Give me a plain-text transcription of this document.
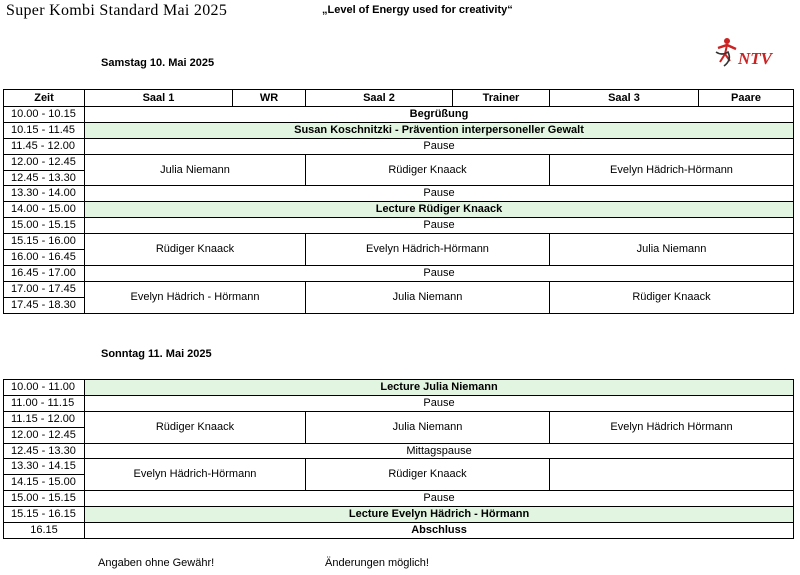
Super Kombi Standard Mai 2025	„Level of Energy used for creativity“
NTV
Samstag 10. Mai 2025
Zeit	Saal 1	WR	Saal 2	Trainer	Saal 3	Paare
10.00 - 10.15	Begrüßung					
10.15 - 11.45	Susan Koschnitzki - Prävention interpersoneller Gewalt					
11.45 - 12.00	Pause					
12.00 - 12.45	Julia Niemann		Rüdiger Knaack		Evelyn Hädrich-Hörmann	
12.45 - 13.30						
13.30 - 14.00	Pause					
14.00 - 15.00	Lecture Rüdiger Knaack					
15.00 - 15.15	Pause					
15.15 - 16.00	Rüdiger Knaack		Evelyn Hädrich-Hörmann		Julia Niemann	
16.00 - 16.45						
16.45 - 17.00	Pause					
17.00 - 17.45	Evelyn Hädrich - Hörmann		Julia Niemann		Rüdiger Knaack	
17.45 - 18.30						
Sonntag 11. Mai 2025
10.00 - 11.00	Lecture Julia Niemann		
11.00 - 11.15	Pause		
11.15 - 12.00	Rüdiger Knaack	Julia Niemann	Evelyn Hädrich Hörmann
12.00 - 12.45			
12.45 - 13.30	Mittagspause		
13.30 - 14.15	Evelyn Hädrich-Hörmann	Rüdiger Knaack	
14.15 - 15.00			
15.00 - 15.15	Pause		
15.15 - 16.15	Lecture Evelyn Hädrich - Hörmann		
16.15	Abschluss		
Angaben ohne Gewähr!	Änderungen möglich!
